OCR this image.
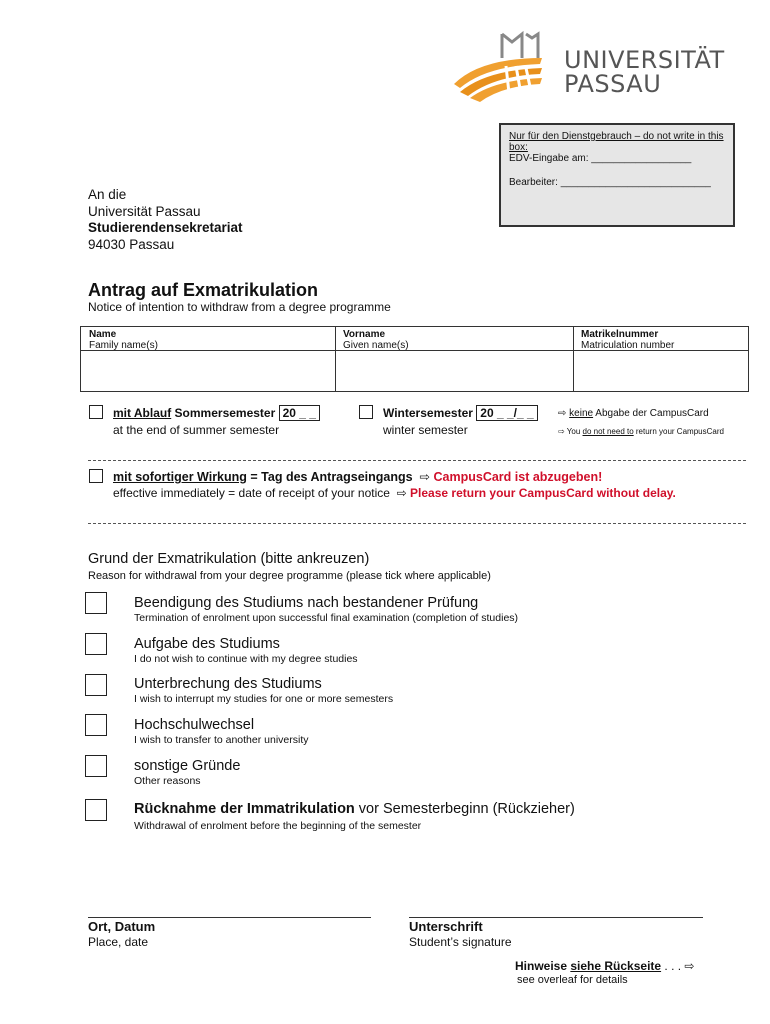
UNIVERSITÄT
PASSAU
Nur für den Dienstgebrauch – do not write in this box:
EDV-Eingabe am: __________________
Bearbeiter: ___________________________
An die
Universität Passau
Studierendensekretariat
94030 Passau
Antrag auf Exmatrikulation
Notice of intention to withdraw from a degree programme
Name
Family name(s)
Vorname
Given name(s)
Matrikelnummer
Matriculation number
mit Ablauf Sommersemester 20 _ _
at the end of summer semester
Wintersemester 20 _ _/_ _
winter semester
⇨ keine Abgabe der CampusCard
⇨ You do not need to return your CampusCard
mit sofortiger Wirkung = Tag des Antragseingangs  ⇨ CampusCard ist abzugeben!
effective immediately = date of receipt of your notice  ⇨ Please return your CampusCard without delay.
Grund der Exmatrikulation (bitte ankreuzen)
Reason for withdrawal from your degree programme (please tick where applicable)
Beendigung des Studiums nach bestandener Prüfung
Termination of enrolment upon successful final examination (completion of studies)
Aufgabe des Studiums
I do not wish to continue with my degree studies
Unterbrechung des Studiums
I wish to interrupt my studies for one or more semesters
Hochschulwechsel
I wish to transfer to another university
sonstige Gründe
Other reasons
Rücknahme der Immatrikulation vor Semesterbeginn (Rückzieher)
Withdrawal of enrolment before the beginning of the semester
Ort, Datum
Place, date
Unterschrift
Student’s signature
Hinweise siehe Rückseite . . . ⇨
see overleaf for details
